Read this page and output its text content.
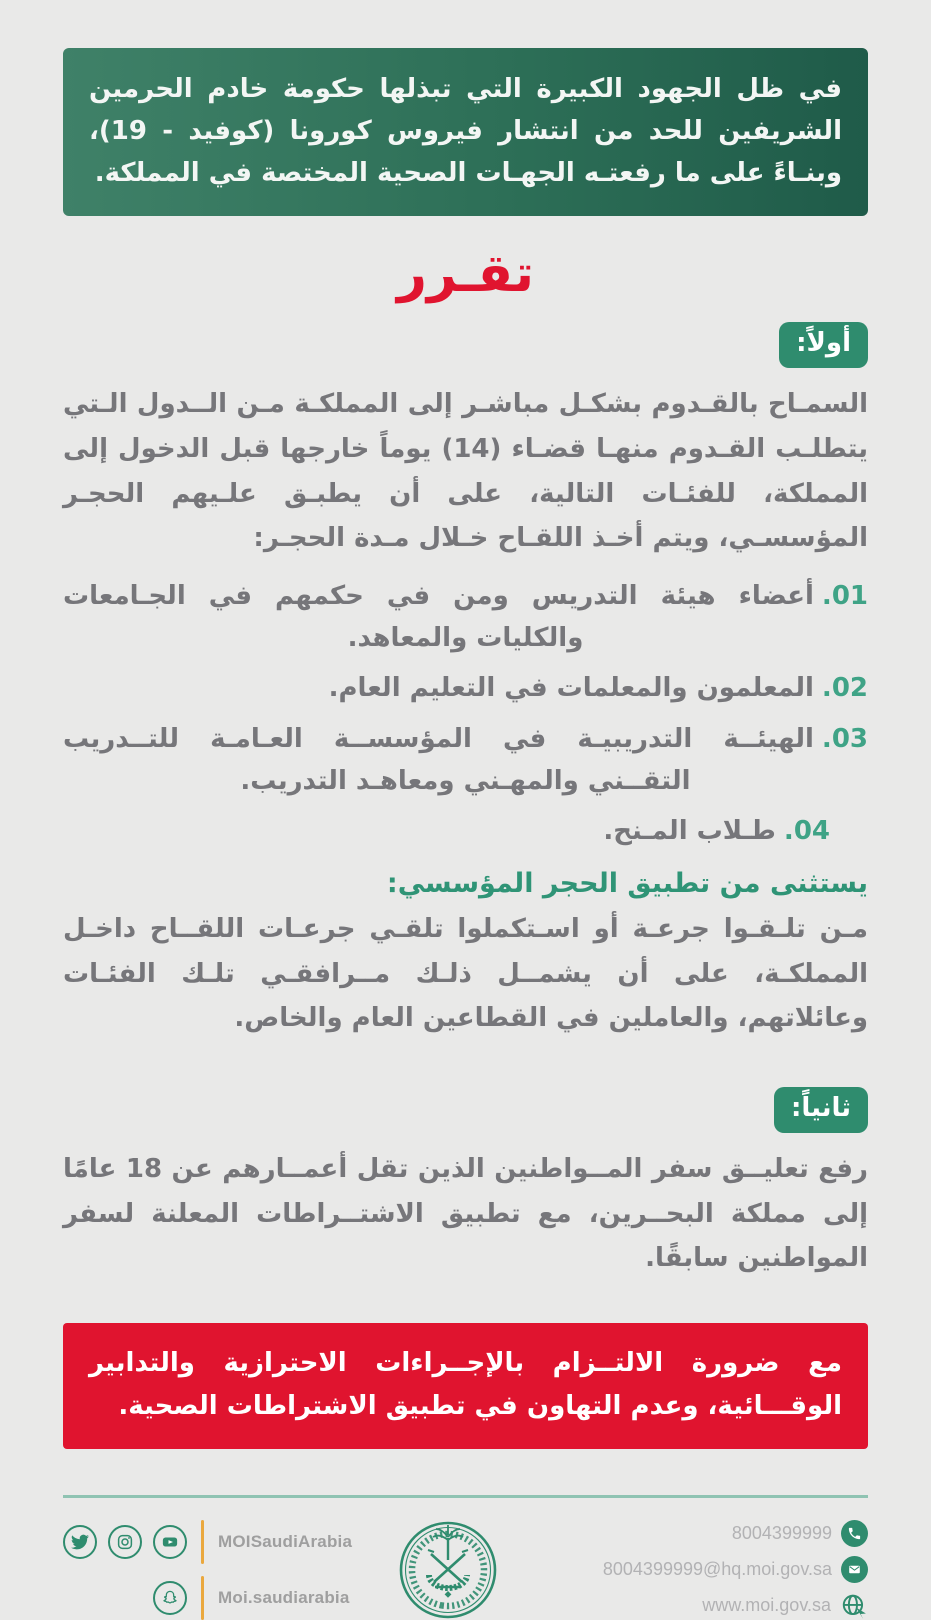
في ظل الجهود الكبيرة التي تبذلها حكومة خادم الحرمين الشريفين للحد من انتشار فيروس كورونا (كوفيد - 19)، وبنـاءً على ما رفعتـه الجهـات الصحية المختصة في المملكة.
تقـرر
أولاً:

السمـاح بالقـدوم بشكـل مباشـر إلى المملكـة مـن الــدول الـتي يتطلـب القـدوم منهـا قضـاء (14) يوماً خارجها قبل الدخول إلى المملكة، للفئـات التالية، على أن يطبـق علـيهم الحجـر المؤسسـي، ويتم أخـذ اللقـاح خـلال مـدة الحجـر:

01.أعضاء هيئة التدريس ومن في حكمهم في الجـامعات والكليات والمعاهد.
02.المعلمون والمعلمات في التعليم العام.
03.الهيئــة التدريبيـة في المؤسســة العـامـة للتــدريب التقــني والمهـني ومعاهـد التدريب.
04.طـلاب المـنح.
يستثنى من تطبيق الحجر المؤسسي:

مـن تلـقـوا جرعـة أو اسـتكملوا تلقـي جرعـات اللقــاح داخـل المملكـة، على أن يشمــل ذلـك مــرافقـي تلـك الفئـات وعائلاتهم، والعاملين في القطاعين العام والخاص.

ثانياً:

رفع تعليــق سفر المــواطنين الذين تقل أعمــارهم عن 18 عامًا إلى مملكة البحــرين، مع تطبيق الاشتــراطات المعلنة لسفر المواطنين سابقًا.

مع ضرورة الالتــزام بالإجــراءات الاحترازية والتدابير الوقـــائية، وعدم التهاون في تطبيق الاشتراطات الصحية.
MOISaudiArabia
Moi.saudiarabia
8004399999
8004399999@hq.moi.gov.sa
www.moi.gov.sa
